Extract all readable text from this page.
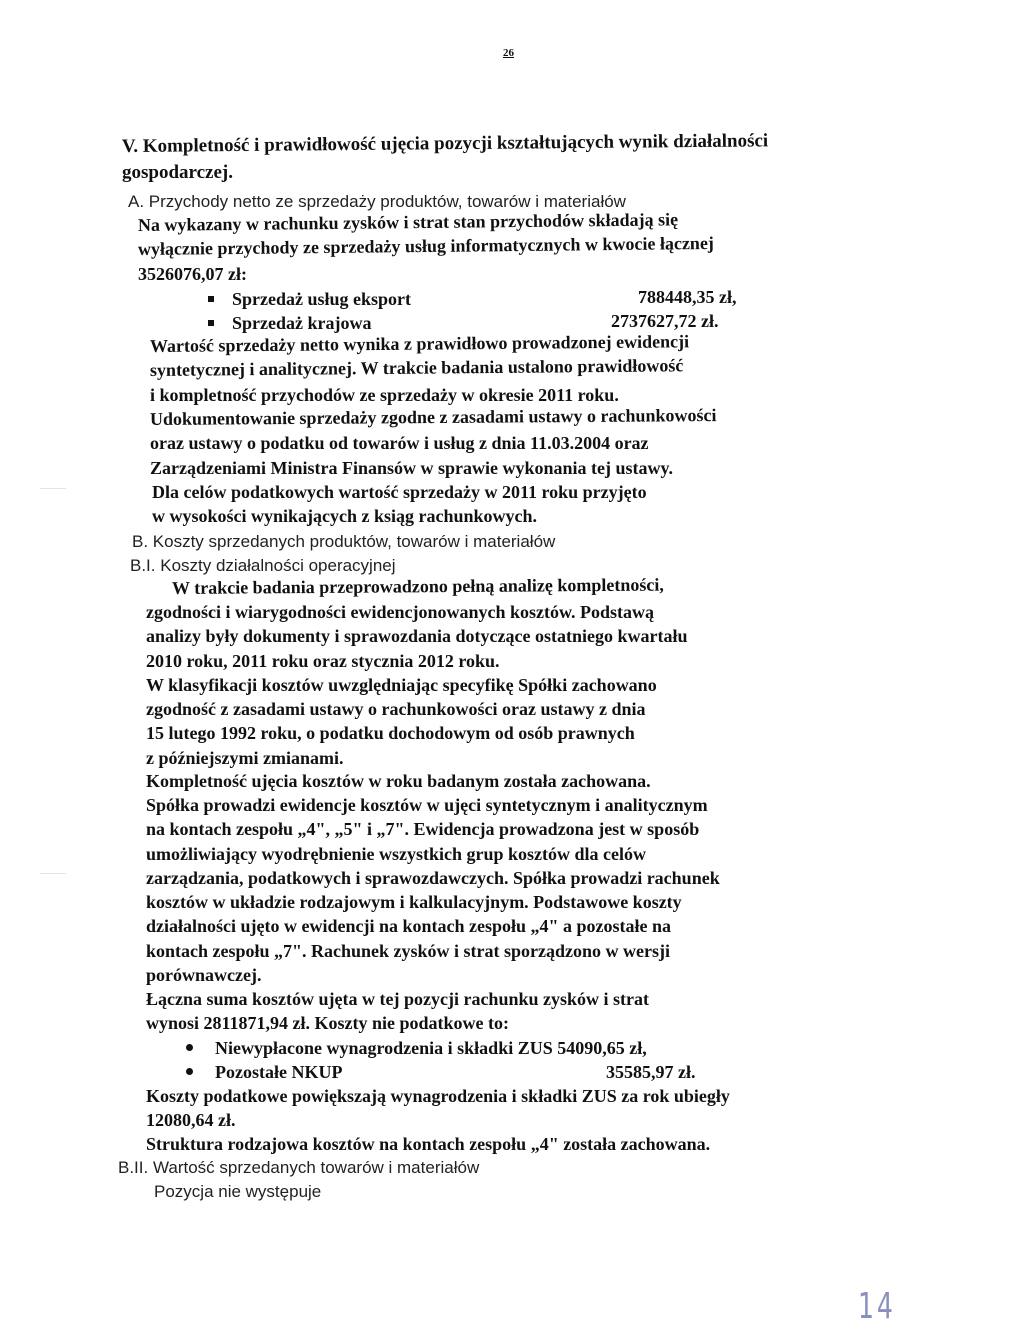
26
V. Kompletność i prawidłowość ujęcia pozycji kształtujących wynik działalności
gospodarczej.
A. Przychody netto ze sprzedaży produktów, towarów i materiałów
Na wykazany w rachunku zysków i strat stan przychodów składają się
wyłącznie przychody ze sprzedaży usług informatycznych w kwocie łącznej
3526076,07 zł:
Sprzedaż usług eksport	788448,35 zł,
Sprzedaż krajowa	2737627,72 zł.
Wartość sprzedaży netto wynika z prawidłowo prowadzonej ewidencji
syntetycznej i analitycznej. W trakcie badania ustalono prawidłowość
i kompletność przychodów ze sprzedaży w okresie 2011 roku.
Udokumentowanie sprzedaży zgodne z zasadami ustawy o rachunkowości
oraz ustawy o podatku od towarów i usług z dnia 11.03.2004 oraz
Zarządzeniami Ministra Finansów w sprawie wykonania tej ustawy.
Dla celów podatkowych wartość sprzedaży w 2011 roku przyjęto
w wysokości wynikających z ksiąg rachunkowych.
B. Koszty sprzedanych produktów, towarów i materiałów
B.I. Koszty działalności operacyjnej
W trakcie badania przeprowadzono pełną analizę kompletności,
zgodności i wiarygodności ewidencjonowanych kosztów. Podstawą
analizy były dokumenty i sprawozdania dotyczące ostatniego kwartału
2010 roku, 2011 roku oraz stycznia 2012 roku.
W klasyfikacji kosztów uwzględniając specyfikę Spółki zachowano
zgodność z zasadami ustawy o rachunkowości oraz ustawy z dnia
15 lutego 1992 roku, o podatku dochodowym od osób prawnych
z późniejszymi zmianami.
Kompletność ujęcia kosztów w roku badanym została zachowana.
Spółka prowadzi ewidencje kosztów w ujęci syntetycznym i analitycznym
na kontach zespołu „4", „5" i „7". Ewidencja prowadzona jest w sposób
umożliwiający wyodrębnienie wszystkich grup kosztów dla celów
zarządzania, podatkowych i sprawozdawczych. Spółka prowadzi rachunek
kosztów w układzie rodzajowym i kalkulacyjnym. Podstawowe koszty
działalności ujęto w ewidencji na kontach zespołu „4" a pozostałe na
kontach zespołu „7". Rachunek zysków i strat sporządzono w wersji
porównawczej.
Łączna suma kosztów ujęta w tej pozycji rachunku zysków i strat
wynosi 2811871,94 zł. Koszty nie podatkowe to:
Niewypłacone wynagrodzenia i składki ZUS 54090,65 zł,
Pozostałe NKUP	35585,97 zł.
Koszty podatkowe powiększają wynagrodzenia i składki ZUS za rok ubiegły
12080,64 zł.
Struktura rodzajowa kosztów na kontach zespołu „4" została zachowana.
B.II. Wartość sprzedanych towarów i materiałów
Pozycja nie występuje
14
